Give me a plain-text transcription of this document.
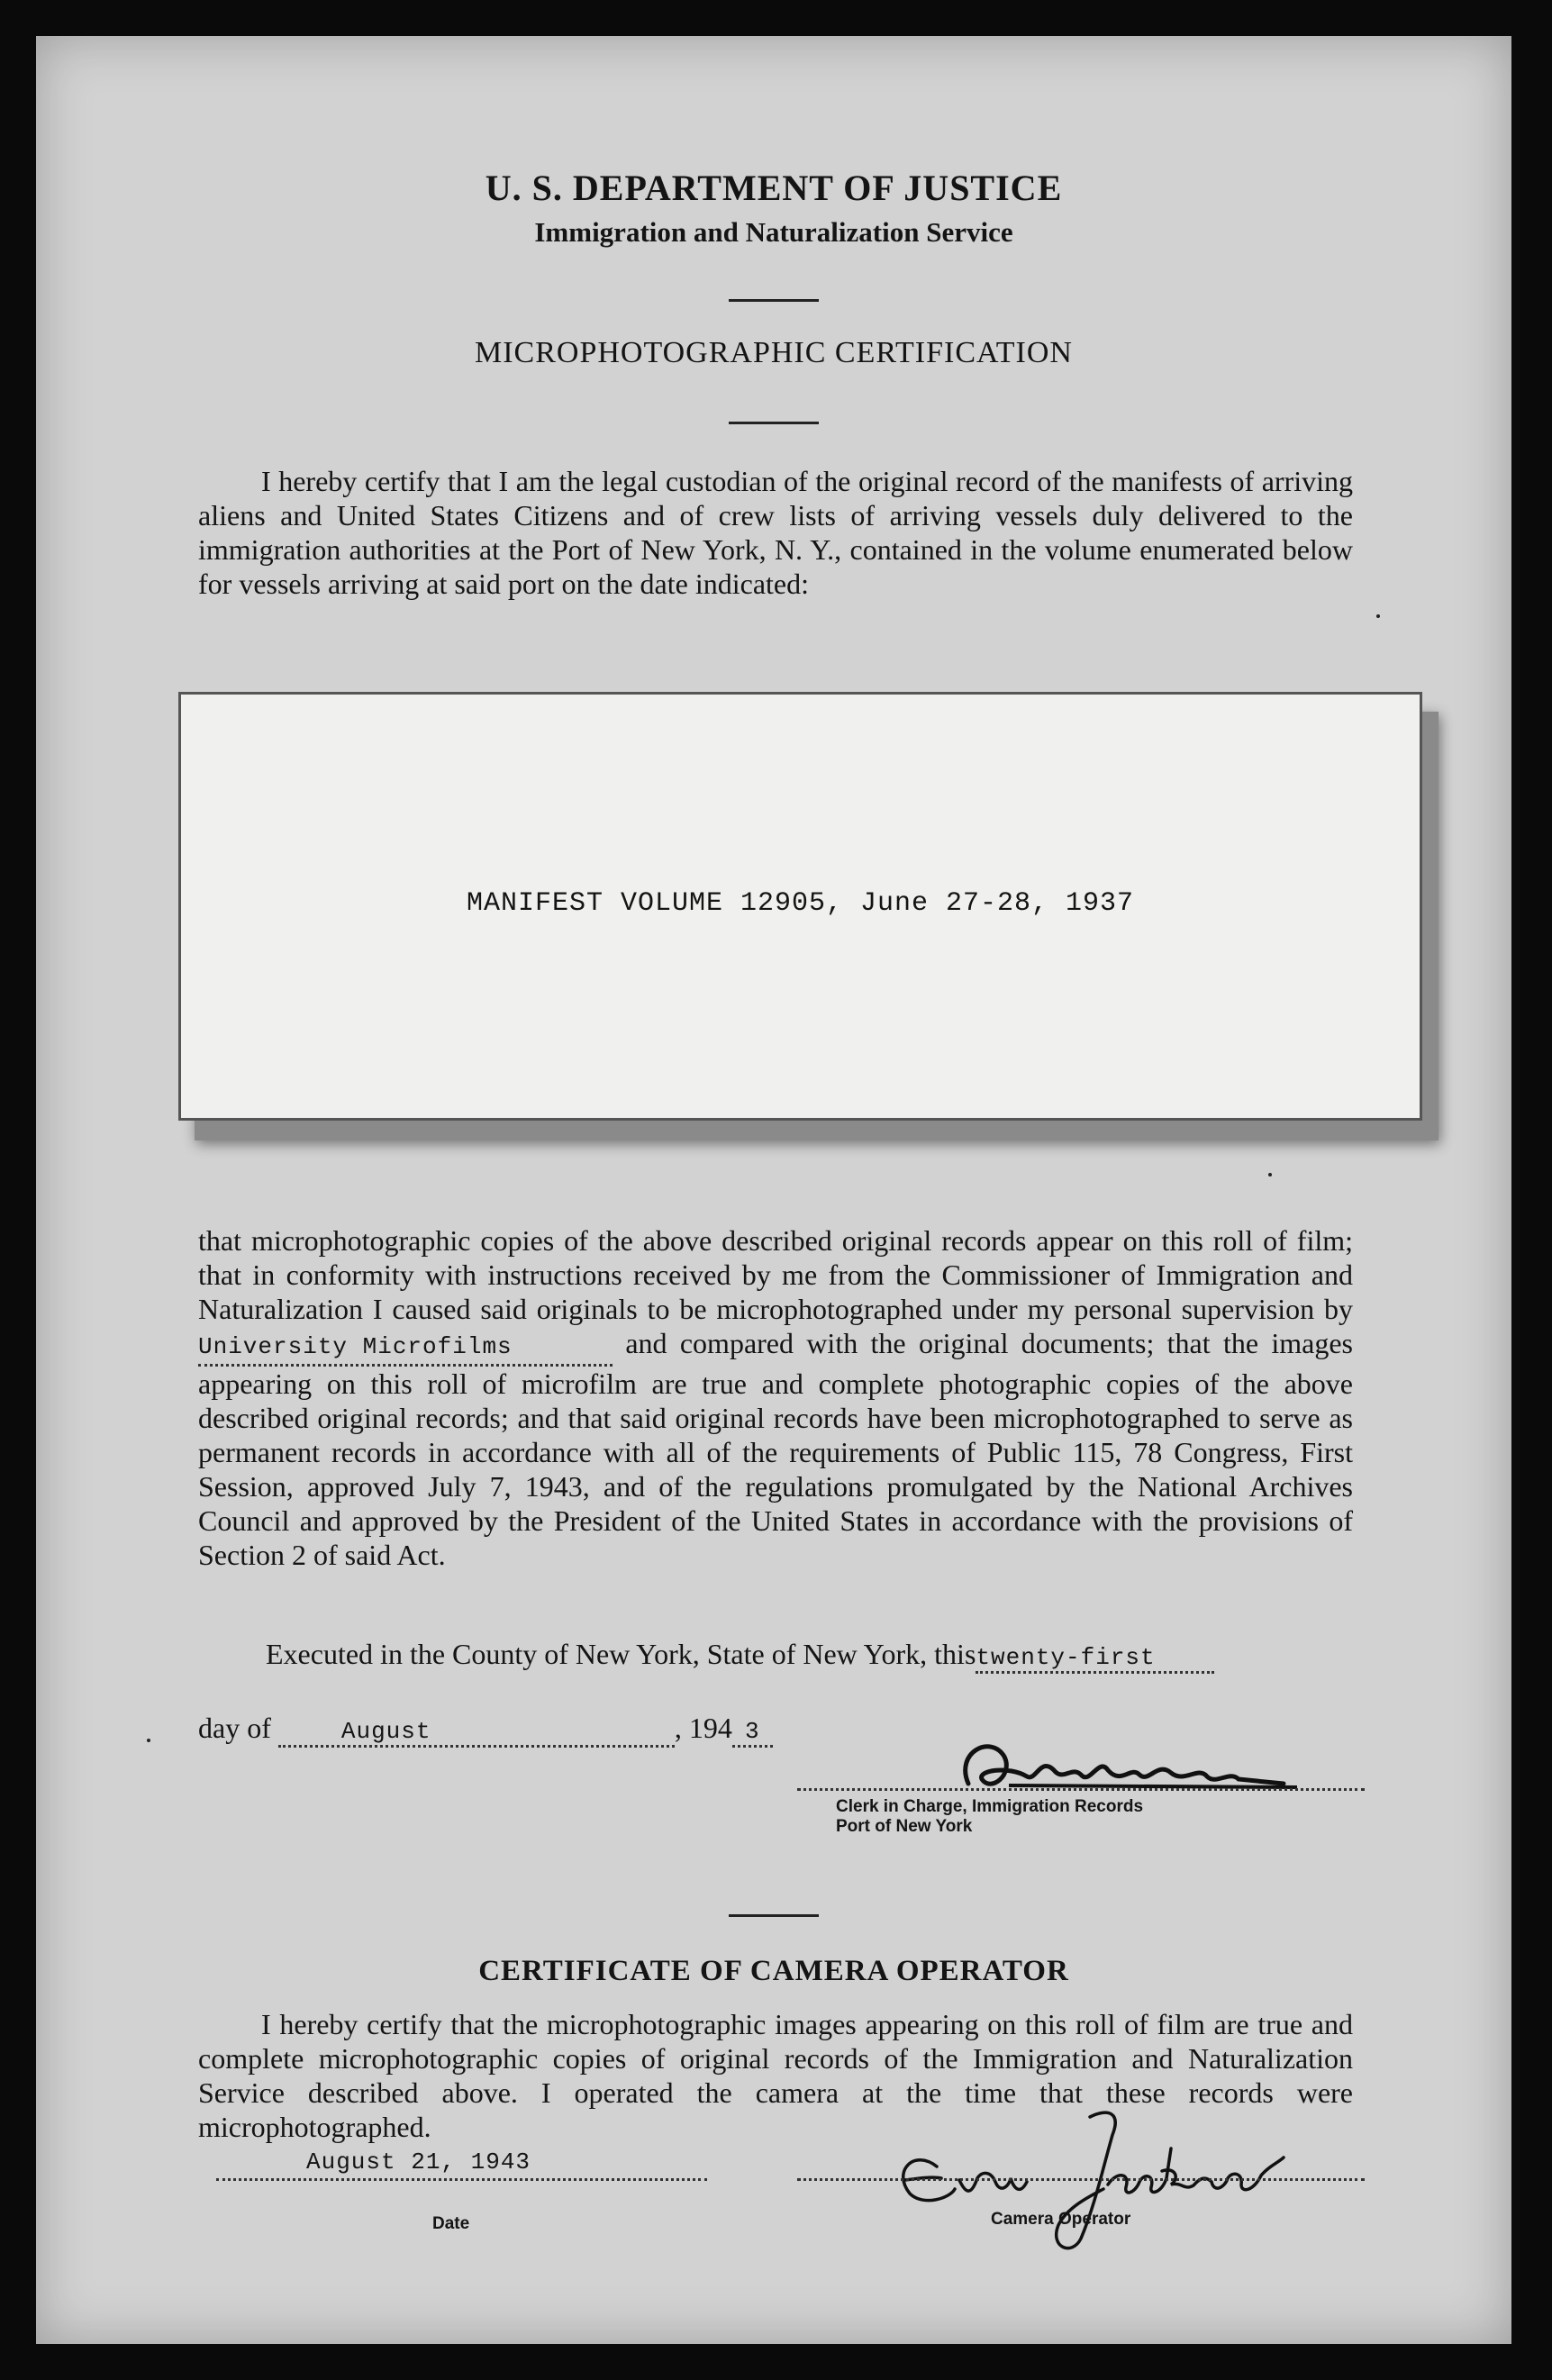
U. S. DEPARTMENT OF JUSTICE
Immigration and Naturalization Service
MICROPHOTOGRAPHIC CERTIFICATION
I hereby certify that I am the legal custodian of the original record of the manifests of arriving aliens and United States Citizens and of crew lists of arriving vessels duly delivered to the immigration authorities at the Port of New York, N. Y., contained in the volume enumerated below for vessels arriving at said port on the date indicated:
MANIFEST VOLUME 12905, June 27-28, 1937
that microphotographic copies of the above described original records appear on this roll of film; that in conformity with instructions received by me from the Commissioner of Immigration and Naturalization I caused said originals to be microphotographed under my personal supervision by University Microfilms	and compared with the original documents; that the images appearing on this roll of microfilm are true and complete photographic copies of the above described original records; and that said original records have been microphotographed to serve as permanent records in accordance with all of the requirements of Public 115, 78 Congress, First Session, approved July 7, 1943, and of the regulations promulgated by the National Archives Council and approved by the President of the United States in accordance with the provisions of Section 2 of said Act.
Executed in the County of New York, State of New York, thistwenty-first
day of	August	, 194 3
Clerk in Charge, Immigration Records
Port of New York
CERTIFICATE OF CAMERA OPERATOR
I hereby certify that the microphotographic images appearing on this roll of film are true and complete microphotographic copies of original records of the Immigration and Naturalization Service described above. I operated the camera at the time that these records were microphotographed.
August 21, 1943
Date	Camera Operator
